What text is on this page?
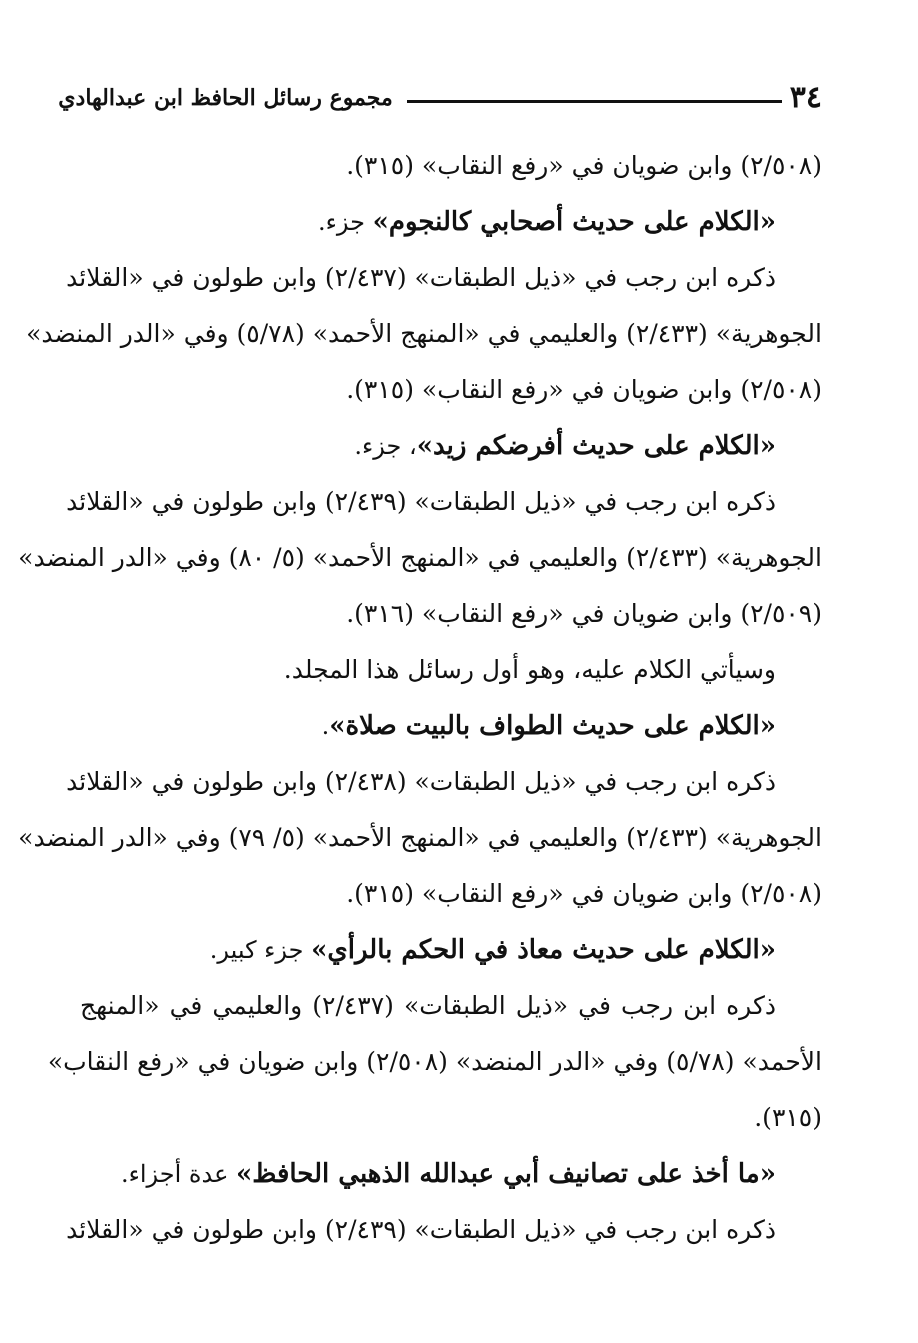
٣٤
مجموع رسائل الحافظ ابن عبدالهادي
(٢/٥٠٨) وابن ضويان في «رفع النقاب» (٣١٥).
«الكلام على حديث أصحابي كالنجوم» جزء.
ذكره ابن رجب في «ذيل الطبقات» (٢/٤٣٧) وابن طولون في «القلائد
الجوهرية» (٢/٤٣٣) والعليمي في «المنهج الأحمد» (٥/٧٨) وفي «الدر المنضد»
(٢/٥٠٨) وابن ضويان في «رفع النقاب» (٣١٥).
«الكلام على حديث أفرضكم زيد»، جزء.
ذكره ابن رجب في «ذيل الطبقات» (٢/٤٣٩) وابن طولون في «القلائد
الجوهرية» (٢/٤٣٣) والعليمي في «المنهج الأحمد» (٥/ ٨٠) وفي «الدر المنضد»
(٢/٥٠٩) وابن ضويان في «رفع النقاب» (٣١٦).
وسيأتي الكلام عليه، وهو أول رسائل هذا المجلد.
«الكلام على حديث الطواف بالبيت صلاة».
ذكره ابن رجب في «ذيل الطبقات» (٢/٤٣٨) وابن طولون في «القلائد
الجوهرية» (٢/٤٣٣) والعليمي في «المنهج الأحمد» (٥/ ٧٩) وفي «الدر المنضد»
(٢/٥٠٨) وابن ضويان في «رفع النقاب» (٣١٥).
«الكلام على حديث معاذ في الحكم بالرأي» جزء كبير.
ذكره ابن رجب في «ذيل الطبقات» (٢/٤٣٧) والعليمي في «المنهج
الأحمد» (٥/٧٨) وفي «الدر المنضد» (٢/٥٠٨) وابن ضويان في «رفع النقاب»
(٣١٥).
«ما أخذ على تصانيف أبي عبدالله الذهبي الحافظ» عدة أجزاء.
ذكره ابن رجب في «ذيل الطبقات» (٢/٤٣٩) وابن طولون في «القلائد
